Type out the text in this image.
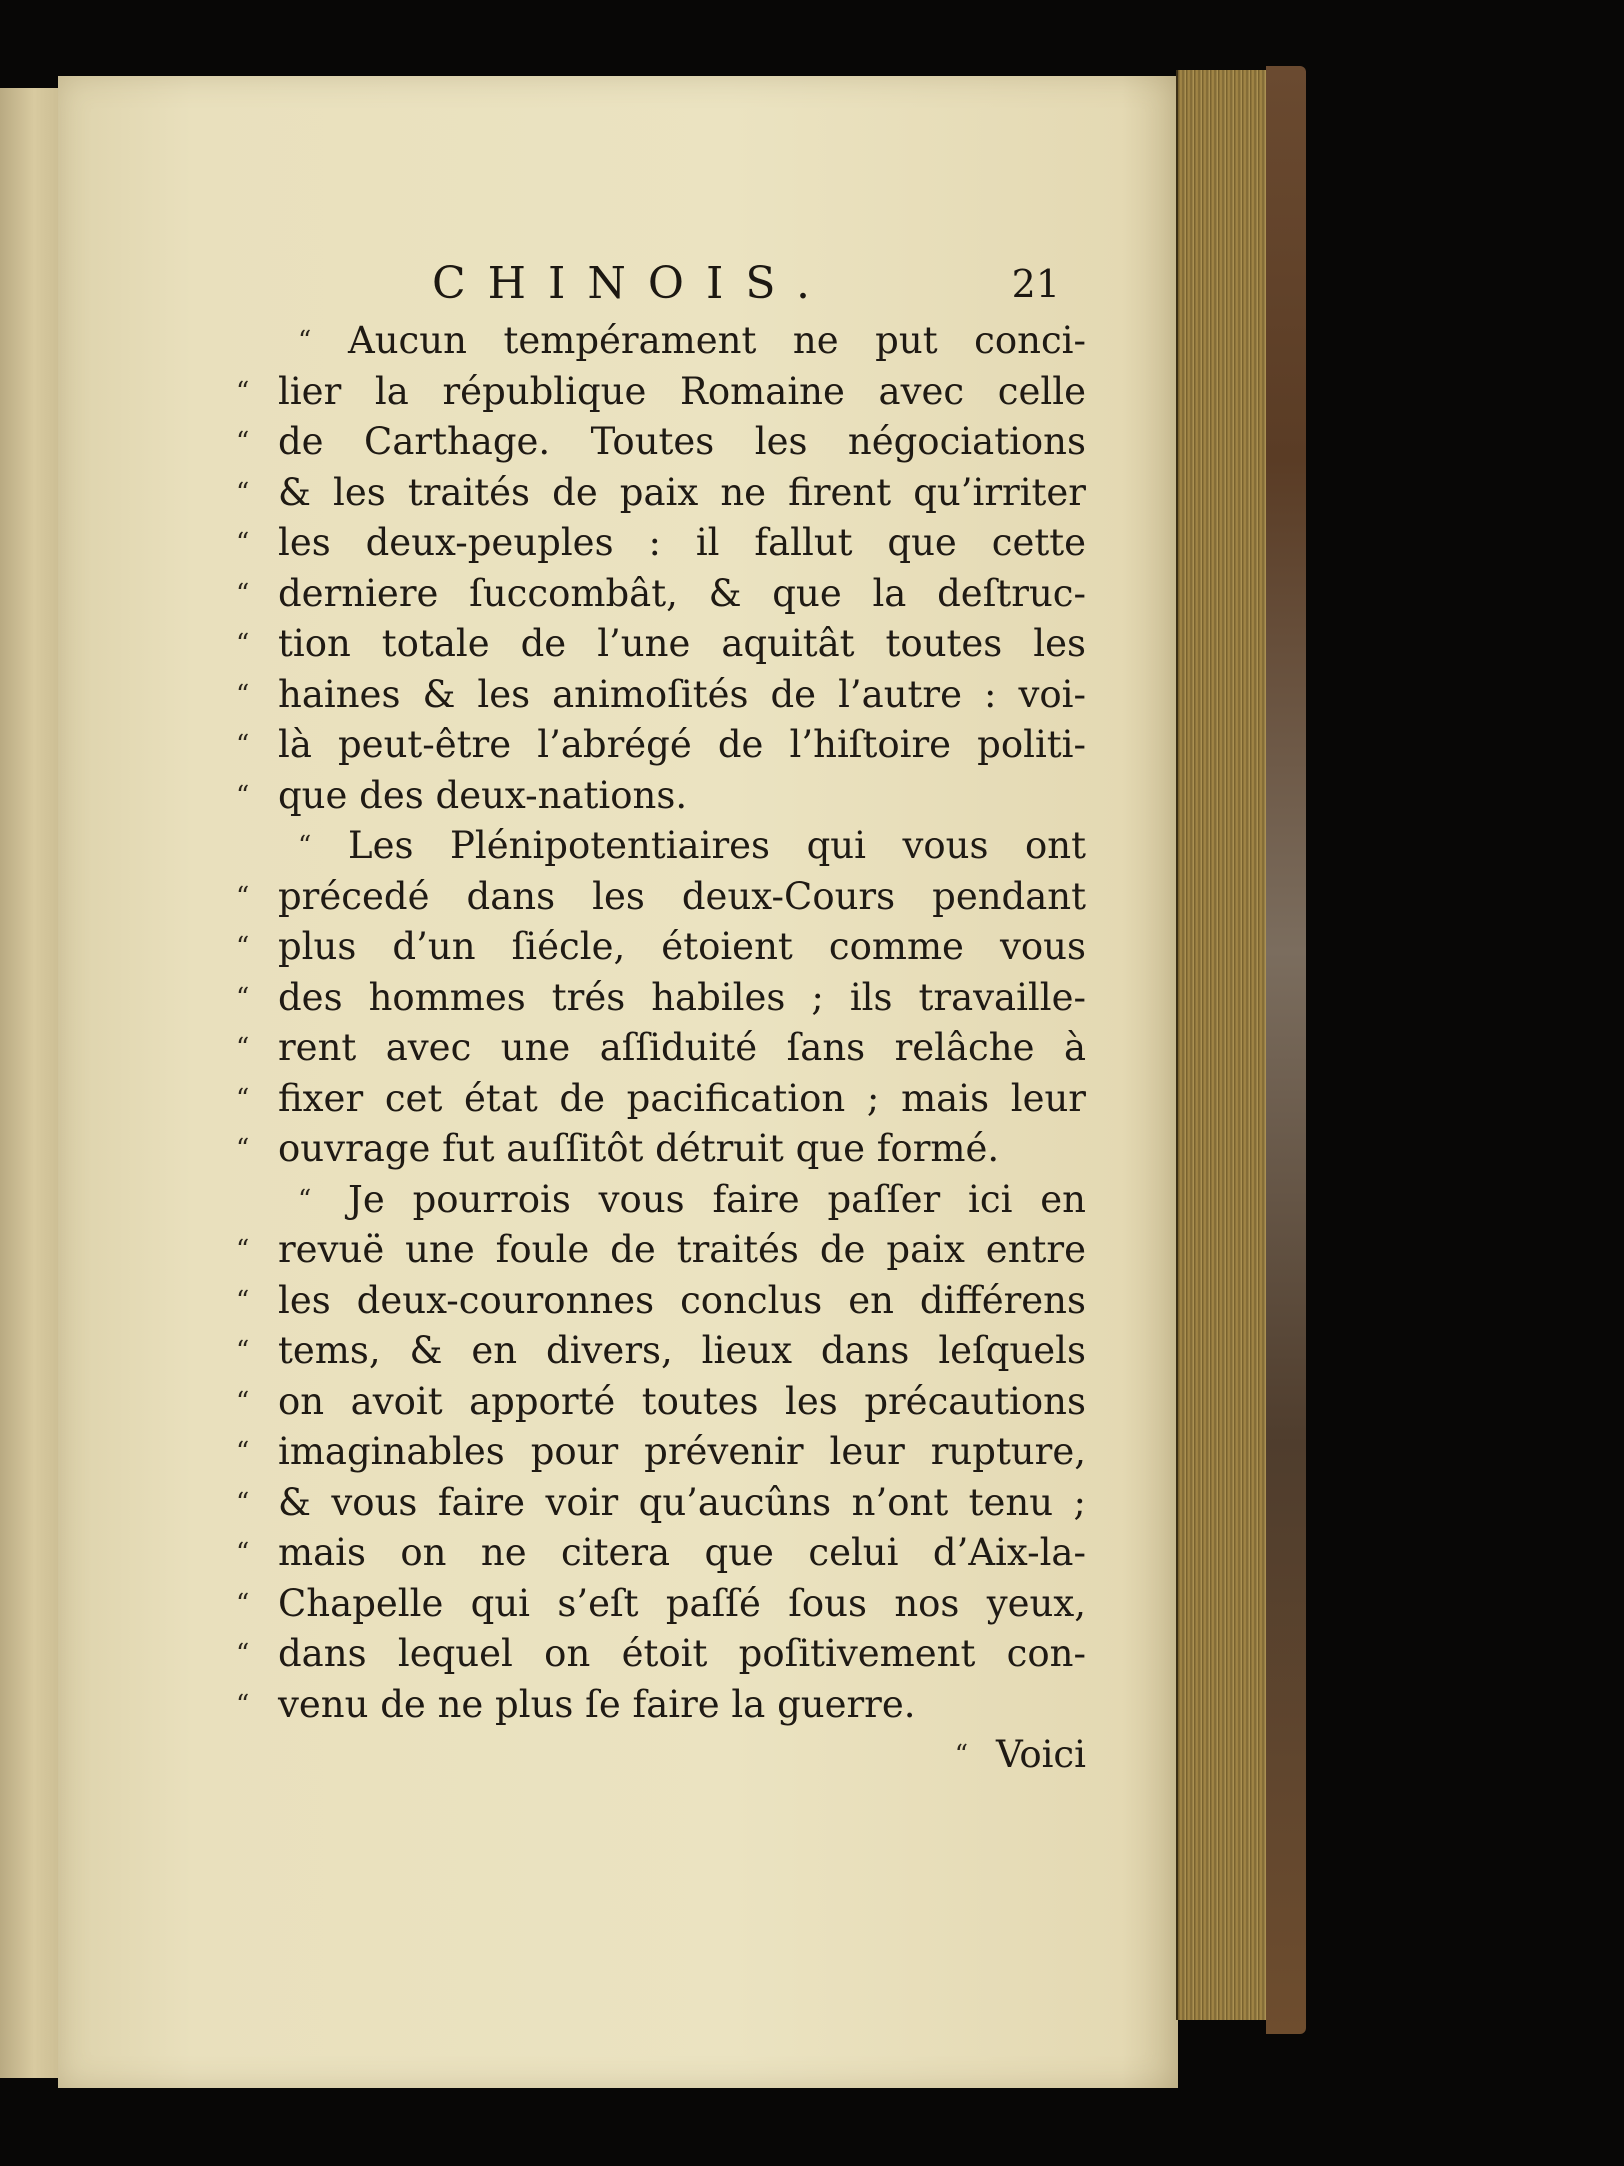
CHINOIS.	21
“ Aucun tempérament ne put conci-
“ lier la république Romaine avec celle
“ de Carthage. Toutes les négociations
“ & les traités de paix ne firent qu’irriter
“ les deux-peuples : il fallut que cette
“ derniere ſuccombât, & que la deſtruc-
“ tion totale de l’une aquitât toutes les
“ haines & les animoſités de l’autre : voi-
“ là peut-être l’abrégé de l’hiſtoire politi-
“ que des deux-nations.
“ Les Plénipotentiaires qui vous ont
“ précedé dans les deux-Cours pendant
“ plus d’un ſiécle, étoient comme vous
“ des hommes trés habiles ; ils travaille-
“ rent avec une aſſiduité ſans relâche à
“ fixer cet état de pacification ; mais leur
“ ouvrage fut auſſitôt détruit que formé.
“ Je pourrois vous faire paſſer ici en
“ revuë une foule de traités de paix entre
“ les deux-couronnes conclus en différens
“ tems, & en divers, lieux dans leſquels
“ on avoit apporté toutes les précautions
“ imaginables pour prévenir leur rupture,
“ & vous faire voir qu’aucûns n’ont tenu ;
“ mais on ne citera que celui d’Aix-la-
“ Chapelle qui s’eſt paſſé ſous nos yeux,
“ dans lequel on étoit poſitivement con-
“ venu de ne plus ſe faire la guerre.
“ Voici
